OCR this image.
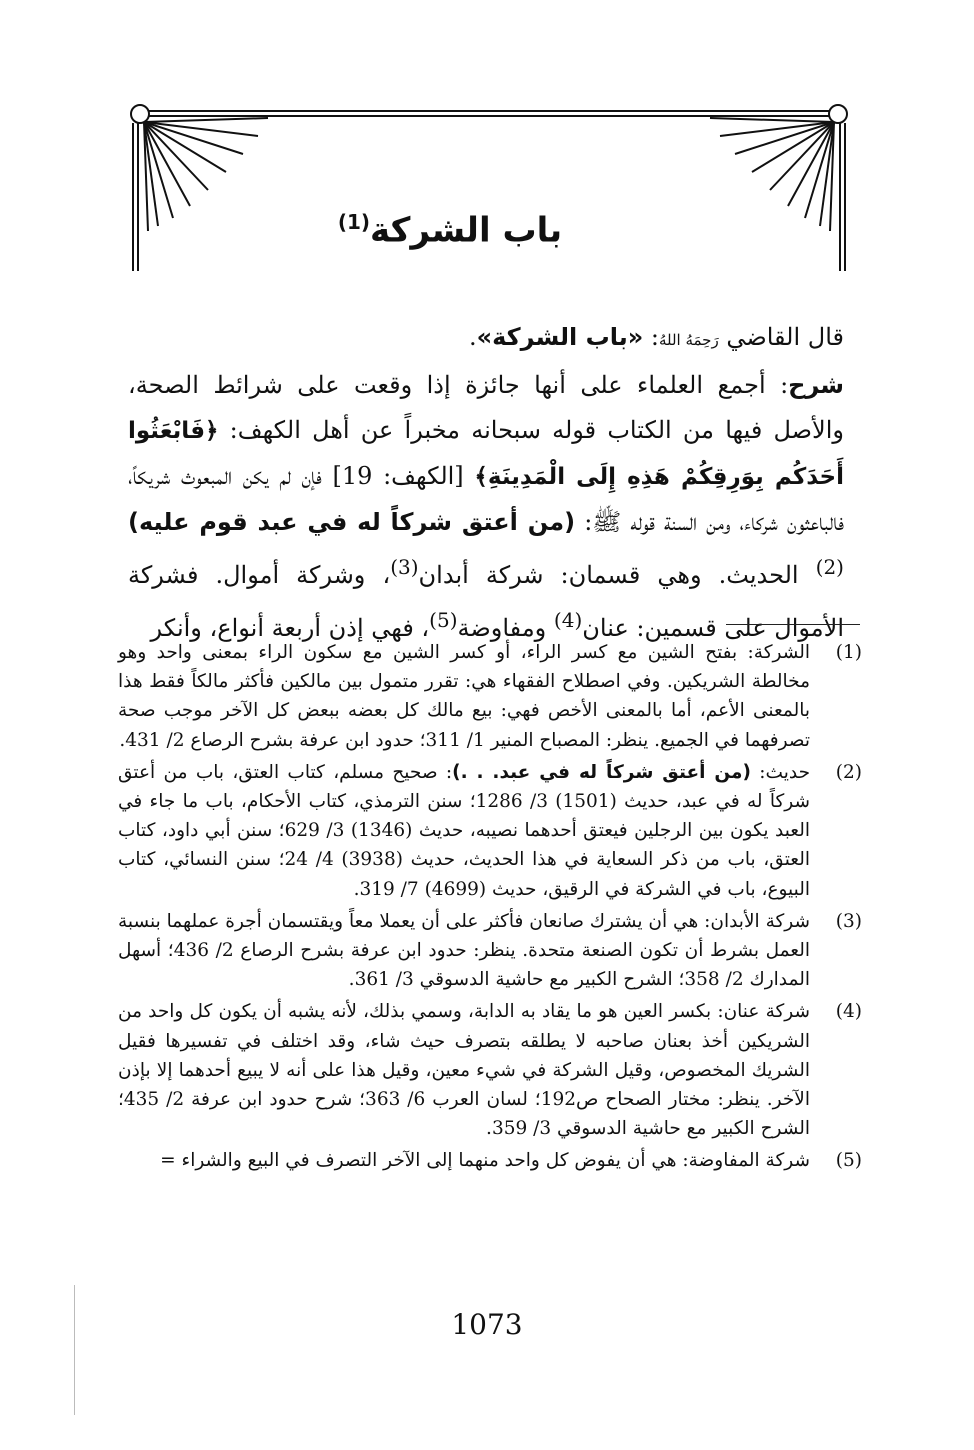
باب الشركة$^{(1)}$

قال القاضي رَحِمَهُ اللهُ: «باب الشركة».

شرح: أجمع العلماء على أنها جائزة إذا وقعت على شرائط الصحة، والأصل فيها من الكتاب قوله سبحانه مخبراً عن أهل الكهف: ﴿فَابْعَثُوا أَحَدَكُم بِوَرِقِكُمْ هَذِهِ إِلَى الْمَدِينَةِ﴾ [الكهف: 19] فإن لم يكن المبعوث شريكاً، فالباعثون شركاء، ومن السنة قوله ﷺ: (من أعتق شركاً له في عبد قوم عليه)$^{(2)}$ الحديث. وهي قسمان: شركة أبدان$^{(3)}$، وشركة أموال. فشركة الأموال على قسمين: عنان$^{(4)}$ ومفاوضة$^{(5)}$، فهي إذن أربعة أنواع، وأنكر

(1)
الشركة: بفتح الشين مع كسر الراء، أو كسر الشين مع سكون الراء بمعنى واحد وهو مخالطة الشريكين. وفي اصطلاح الفقهاء هي: تقرر متمول بين مالكين فأكثر مالكاً فقط هذا بالمعنى الأعم، أما بالمعنى الأخص فهي: بيع مالك كل بعضه ببعض كل الآخر موجب صحة تصرفهما في الجميع. ينظر: المصباح المنير 1/ 311؛ حدود ابن عرفة بشرح الرصاع 2/ 431.

(2)
حديث: (من أعتق شركاً له في عبد. . .): صحيح مسلم، كتاب العتق، باب من أعتق شركاً له في عبد، حديث (1501) 3/ 1286؛ سنن الترمذي، كتاب الأحكام، باب ما جاء في العبد يكون بين الرجلين فيعتق أحدهما نصيبه، حديث (1346) 3/ 629؛ سنن أبي داود، كتاب العتق، باب من ذكر السعاية في هذا الحديث، حديث (3938) 4/ 24؛ سنن النسائي، كتاب البيوع، باب في الشركة في الرقيق، حديث (4699) 7/ 319.

(3)
شركة الأبدان: هي أن يشترك صانعان فأكثر على أن يعملا معاً ويقتسمان أجرة عملهما بنسبة العمل بشرط أن تكون الصنعة متحدة. ينظر: حدود ابن عرفة بشرح الرصاع 2/ 436؛ أسهل المدارك 2/ 358؛ الشرح الكبير مع حاشية الدسوقي 3/ 361.

(4)
شركة عنان: بكسر العين هو ما يقاد به الدابة، وسمي بذلك، لأنه يشبه أن يكون كل واحد من الشريكين أخذ بعنان صاحبه لا يطلقه بتصرف حيث شاء، وقد اختلف في تفسيرها فقيل الشريك المخصوص، وقيل الشركة في شيء معين، وقيل هذا على أنه لا يبيع أحدهما إلا بإذن الآخر. ينظر: مختار الصحاح ص192؛ لسان العرب 6/ 363؛ شرح حدود ابن عرفة 2/ 435؛ الشرح الكبير مع حاشية الدسوقي 3/ 359.

(5)
شركة المفاوضة: هي أن يفوض كل واحد منهما إلى الآخر التصرف في البيع والشراء =

1073
